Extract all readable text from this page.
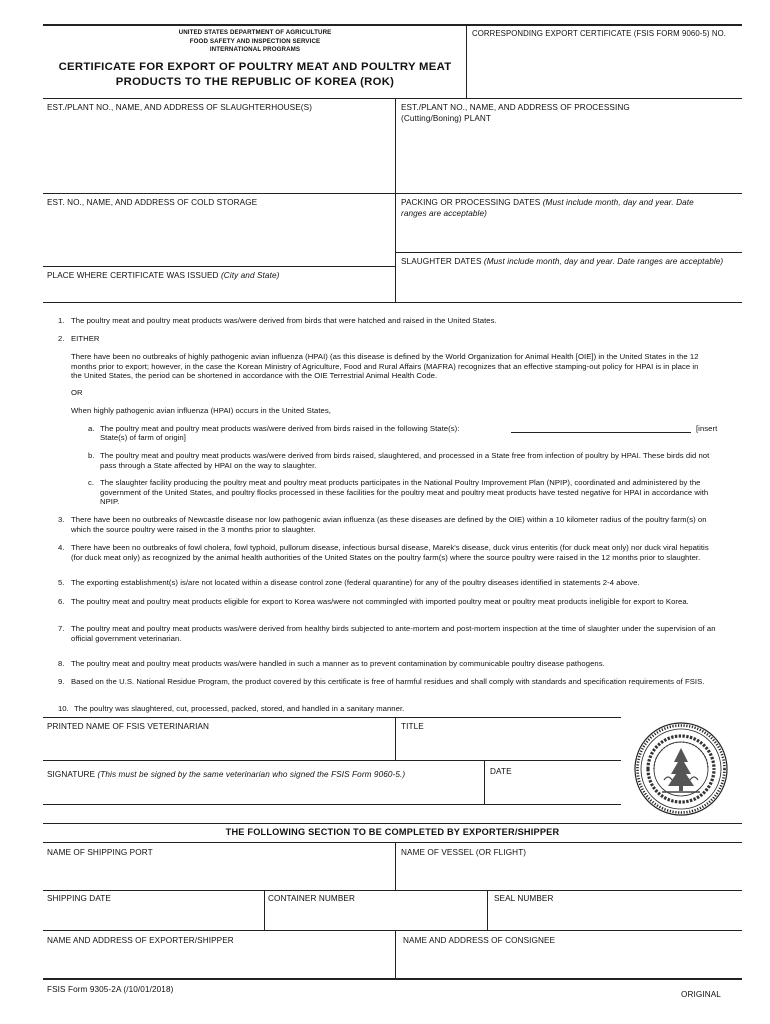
UNITED STATES DEPARTMENT OF AGRICULTURE
FOOD SAFETY AND INSPECTION SERVICE
INTERNATIONAL PROGRAMS
CERTIFICATE FOR EXPORT OF POULTRY MEAT AND POULTRY MEAT
PRODUCTS TO THE REPUBLIC OF KOREA (ROK)
CORRESPONDING EXPORT CERTIFICATE (FSIS FORM 9060-5) NO.
EST./PLANT NO., NAME, AND ADDRESS OF SLAUGHTERHOUSE(S)	EST./PLANT NO., NAME, AND ADDRESS OF PROCESSING
(Cutting/Boning) PLANT
EST. NO., NAME, AND ADDRESS OF COLD STORAGE	PACKING OR PROCESSING DATES (Must include month, day and year. Date
ranges are acceptable)
SLAUGHTER DATES (Must include month, day and year. Date ranges are acceptable)
PLACE WHERE CERTIFICATE WAS ISSUED (City and State)
1. The poultry meat and poultry meat products was/were derived from birds that were hatched and raised in the United States.
2. EITHER
There have been no outbreaks of highly pathogenic avian influenza (HPAI) (as this disease is defined by the World Organization for Animal Health [OIE]) in the United States in the 12 months prior to export; however, in the case the Korean Ministry of Agriculture, Food and Rural Affairs (MAFRA) recognizes that an effective stamping-out policy for HPAI is in place in the United States, the period can be shortened in accordance with the OIE Terrestrial Animal Health Code.
OR
When highly pathogenic avian influenza (HPAI) occurs in the United States,
a. The poultry meat and poultry meat products was/were derived from birds raised in the following State(s):	[insert
State(s) of farm of origin]
b. The poultry meat and poultry meat products was/were derived from birds raised, slaughtered, and processed in a State free from infection of poultry by HPAI. These birds did not pass through a State affected by HPAI on the way to slaughter.
c. The slaughter facility producing the poultry meat and poultry meat products participates in the National Poultry Improvement Plan (NPIP), coordinated and administered by the government of the United States, and poultry flocks processed in these facilities for the poultry meat and poultry meat products have tested negative for HPAI in accordance with NPIP.
3. There have been no outbreaks of Newcastle disease nor low pathogenic avian influenza (as these diseases are defined by the OIE) within a 10 kilometer radius of the poultry farm(s) on which the source poultry were raised in the 3 months prior to slaughter.
4. There have been no outbreaks of fowl cholera, fowl typhoid, pullorum disease, infectious bursal disease, Marek's disease, duck virus enteritis (for duck meat only) nor duck viral hepatitis (for duck meat only) as recognized by the animal health authorities of the United States on the poultry farm(s) where the source poultry were raised in the 12 months prior to slaughter.
5. The exporting establishment(s) is/are not located within a disease control zone (federal quarantine) for any of the poultry diseases identified in statements 2-4 above.
6. The poultry meat and poultry meat products eligible for export to Korea was/were not commingled with imported poultry meat or poultry meat products ineligible for export to Korea.
7. The poultry meat and poultry meat products was/were derived from healthy birds subjected to ante-mortem and post-mortem inspection at the time of slaughter under the supervision of an official government veterinarian.
8. The poultry meat and poultry meat products was/were handled in such a manner as to prevent contamination by communicable poultry disease pathogens.
9. Based on the U.S. National Residue Program, the product covered by this certificate is free of harmful residues and shall comply with standards and specification requirements of FSIS.
10. The poultry was slaughtered, cut, processed, packed, stored, and handled in a sanitary manner.
PRINTED NAME OF FSIS VETERINARIAN	TITLE
SIGNATURE (This must be signed by the same veterinarian who signed the FSIS Form 9060-5.)	DATE
THE FOLLOWING SECTION TO BE COMPLETED BY EXPORTER/SHIPPER
NAME OF SHIPPING PORT	NAME OF VESSEL (OR FLIGHT)
SHIPPING DATE	CONTAINER NUMBER	SEAL NUMBER
NAME AND ADDRESS OF EXPORTER/SHIPPER	NAME AND ADDRESS OF CONSIGNEE
FSIS Form 9305-2A (/10/01/2018)
ORIGINAL
